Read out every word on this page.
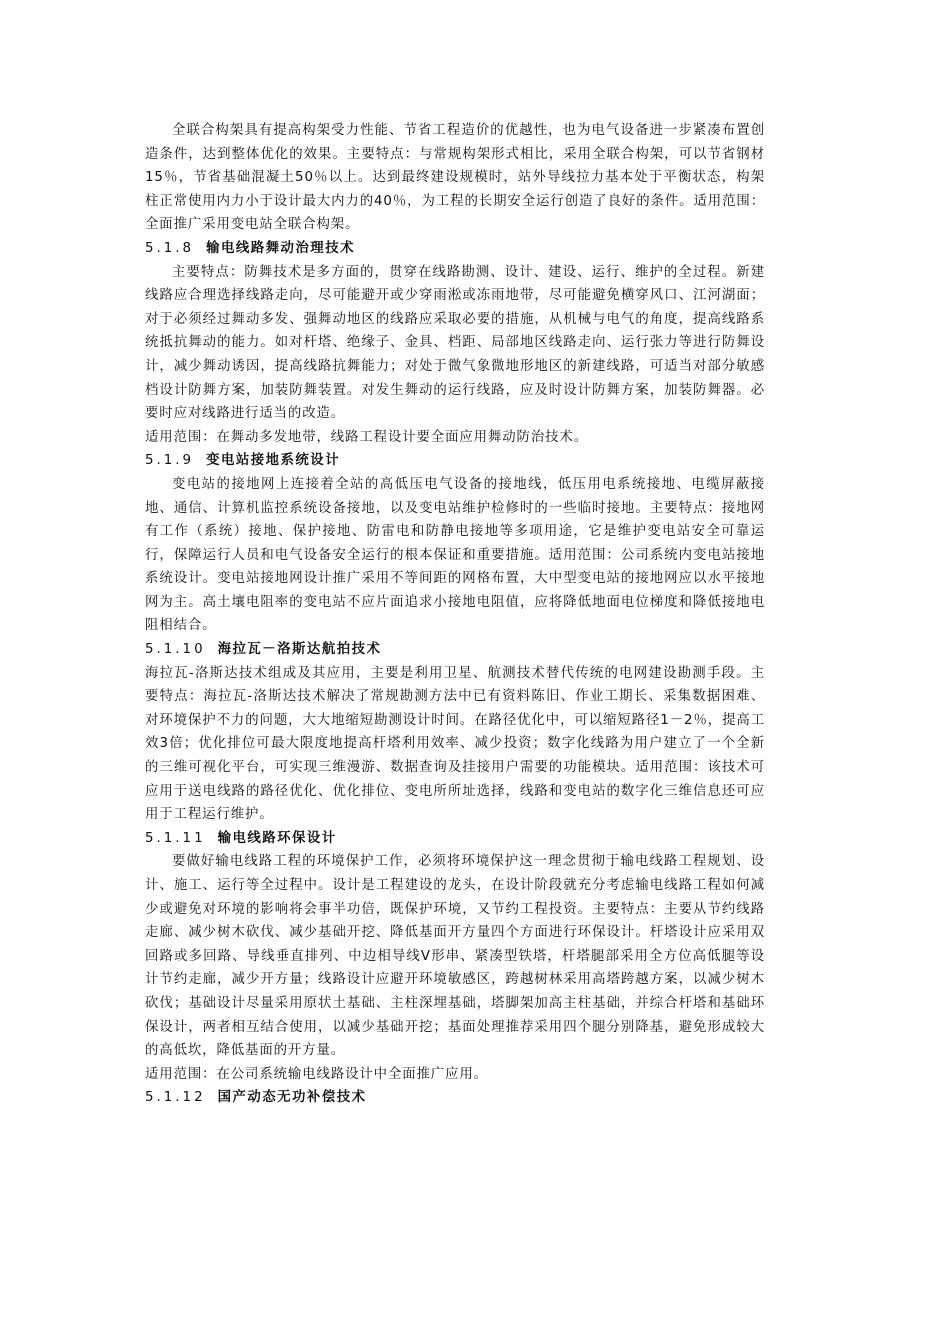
全联合构架具有提高构架受力性能、节省工程造价的优越性，也为电气设备进一步紧凑布置创造条件，达到整体优化的效果。主要特点：与常规构架形式相比，采用全联合构架，可以节省钢材15％，节省基础混凝土50％以上。达到最终建设规模时，站外导线拉力基本处于平衡状态，构架柱正常使用内力小于设计最大内力的40％，为工程的长期安全运行创造了良好的条件。适用范围：全面推广采用变电站全联合构架。

5.1.8 输电线路舞动治理技术

主要特点：防舞技术是多方面的，贯穿在线路勘测、设计、建设、运行、维护的全过程。新建线路应合理选择线路走向，尽可能避开或少穿雨淞或冻雨地带，尽可能避免横穿风口、江河湖面；对于必须经过舞动多发、强舞动地区的线路应采取必要的措施，从机械与电气的角度，提高线路系统抵抗舞动的能力。如对杆塔、绝缘子、金具、档距、局部地区线路走向、运行张力等进行防舞设计，减少舞动诱因，提高线路抗舞能力；对处于微气象微地形地区的新建线路，可适当对部分敏感档设计防舞方案，加装防舞装置。对发生舞动的运行线路，应及时设计防舞方案，加装防舞器。必要时应对线路进行适当的改造。

适用范围：在舞动多发地带，线路工程设计要全面应用舞动防治技术。

5.1.9 变电站接地系统设计

变电站的接地网上连接着全站的高低压电气设备的接地线，低压用电系统接地、电缆屏蔽接地、通信、计算机监控系统设备接地，以及变电站维护检修时的一些临时接地。主要特点：接地网有工作（系统）接地、保护接地、防雷电和防静电接地等多项用途，它是维护变电站安全可靠运行，保障运行人员和电气设备安全运行的根本保证和重要措施。适用范围：公司系统内变电站接地系统设计。变电站接地网设计推广采用不等间距的网格布置，大中型变电站的接地网应以水平接地网为主。高土壤电阻率的变电站不应片面追求小接地电阻值，应将降低地面电位梯度和降低接地电阻相结合。

5.1.10 海拉瓦－洛斯达航拍技术

海拉瓦-洛斯达技术组成及其应用，主要是利用卫星、航测技术替代传统的电网建设勘测手段。主要特点：海拉瓦-洛斯达技术解决了常规勘测方法中已有资料陈旧、作业工期长、采集数据困难、对环境保护不力的问题，大大地缩短勘测设计时间。在路径优化中，可以缩短路径1－2％，提高工效3倍；优化排位可最大限度地提高杆塔利用效率、减少投资；数字化线路为用户建立了一个全新的三维可视化平台，可实现三维漫游、数据查询及挂接用户需要的功能模块。适用范围：该技术可应用于送电线路的路径优化、优化排位、变电所所址选择，线路和变电站的数字化三维信息还可应用于工程运行维护。

5.1.11 输电线路环保设计

要做好输电线路工程的环境保护工作，必须将环境保护这一理念贯彻于输电线路工程规划、设计、施工、运行等全过程中。设计是工程建设的龙头，在设计阶段就充分考虑输电线路工程如何减少或避免对环境的影响将会事半功倍，既保护环境，又节约工程投资。主要特点：主要从节约线路走廊、减少树木砍伐、减少基础开挖、降低基面开方量四个方面进行环保设计。杆塔设计应采用双回路或多回路、导线垂直排列、中边相导线V形串、紧凑型铁塔，杆塔腿部采用全方位高低腿等设计节约走廊，减少开方量；线路设计应避开环境敏感区，跨越树林采用高塔跨越方案，以减少树木砍伐；基础设计尽量采用原状土基础、主柱深埋基础，塔脚架加高主柱基础，并综合杆塔和基础环保设计，两者相互结合使用，以减少基础开挖；基面处理推荐采用四个腿分别降基，避免形成较大的高低坎，降低基面的开方量。

适用范围：在公司系统输电线路设计中全面推广应用。

5.1.12 国产动态无功补偿技术
